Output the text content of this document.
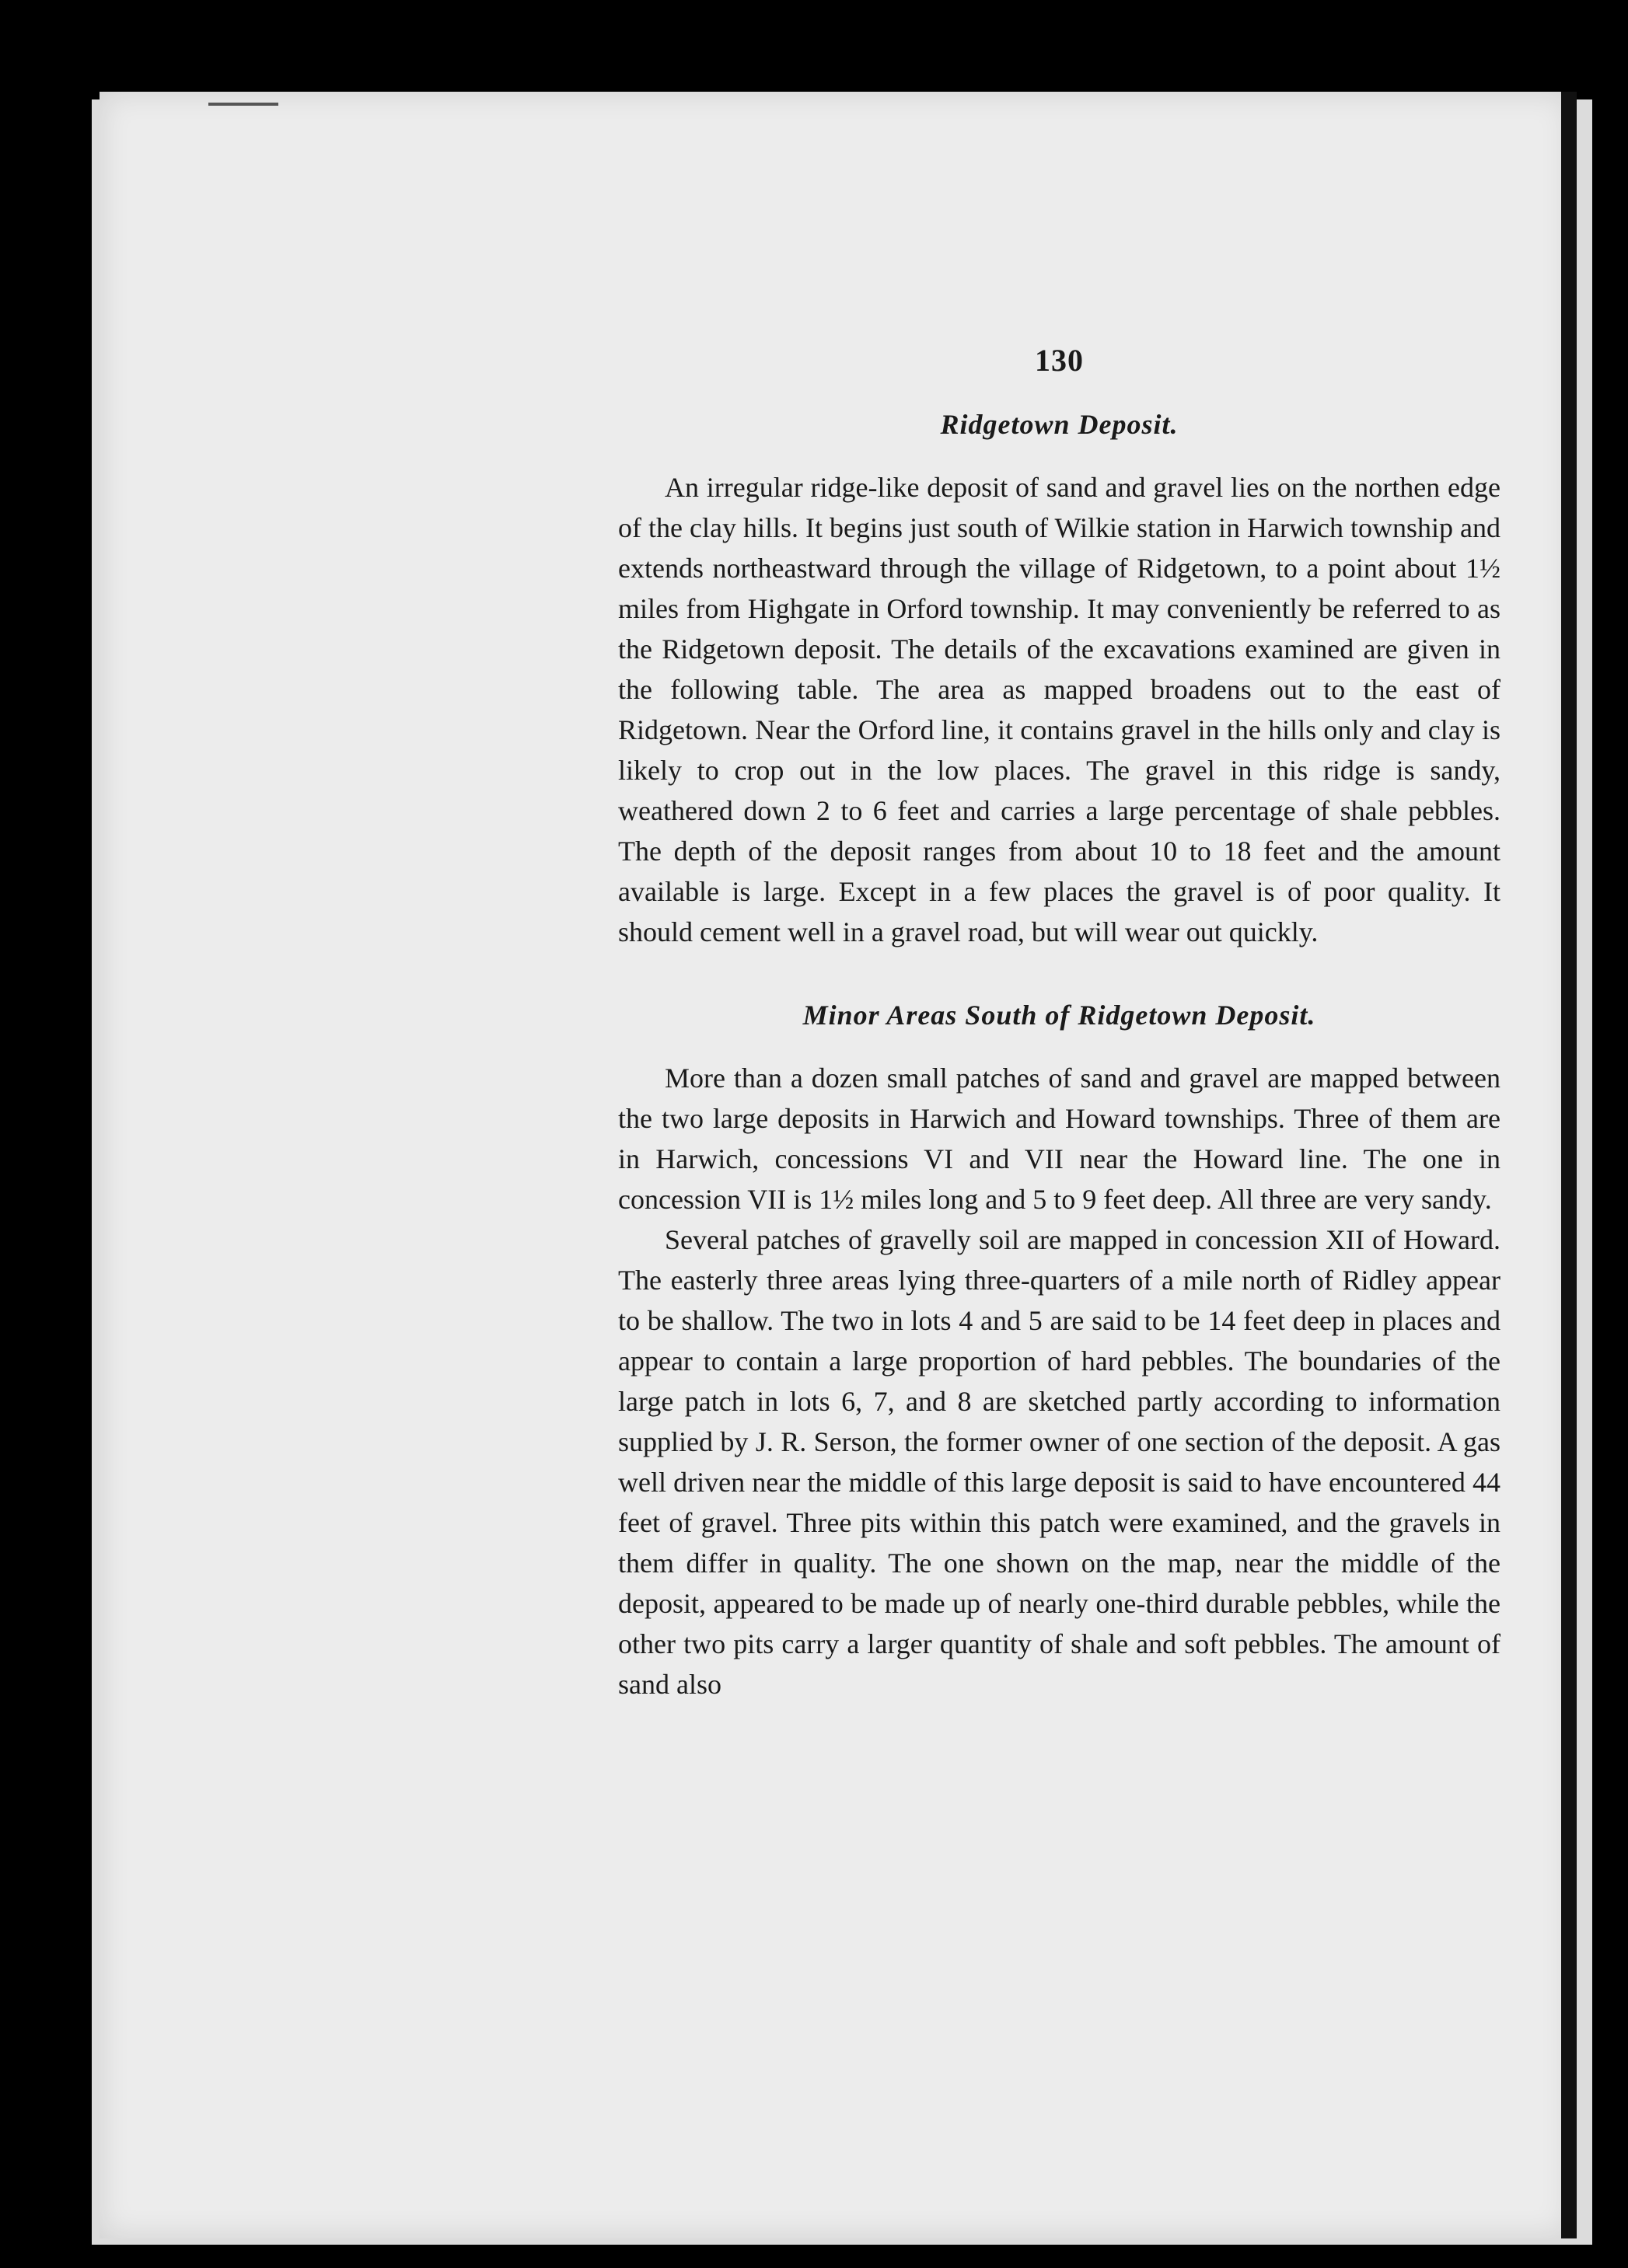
130
Ridgetown Deposit.

An irregular ridge-like deposit of sand and gravel lies on the northen edge of the clay hills. It begins just south of Wilkie station in Harwich township and extends northeastward through the village of Ridgetown, to a point about 1½ miles from Highgate in Orford township. It may conveniently be referred to as the Ridgetown deposit. The details of the excavations examined are given in the following table. The area as mapped broadens out to the east of Ridgetown. Near the Orford line, it contains gravel in the hills only and clay is likely to crop out in the low places. The gravel in this ridge is sandy, weathered down 2 to 6 feet and carries a large percentage of shale pebbles. The depth of the deposit ranges from about 10 to 18 feet and the amount available is large. Except in a few places the gravel is of poor quality. It should cement well in a gravel road, but will wear out quickly.

Minor Areas South of Ridgetown Deposit.

More than a dozen small patches of sand and gravel are mapped between the two large deposits in Harwich and Howard townships. Three of them are in Harwich, concessions VI and VII near the Howard line. The one in concession VII is 1½ miles long and 5 to 9 feet deep. All three are very sandy.

Several patches of gravelly soil are mapped in concession XII of Howard. The easterly three areas lying three-quarters of a mile north of Ridley appear to be shallow. The two in lots 4 and 5 are said to be 14 feet deep in places and appear to contain a large proportion of hard pebbles. The boundaries of the large patch in lots 6, 7, and 8 are sketched partly according to information supplied by J. R. Serson, the former owner of one section of the deposit. A gas well driven near the middle of this large deposit is said to have encountered 44 feet of gravel. Three pits within this patch were examined, and the gravels in them differ in quality. The one shown on the map, near the middle of the deposit, appeared to be made up of nearly one-third durable pebbles, while the other two pits carry a larger quantity of shale and soft pebbles. The amount of sand also
